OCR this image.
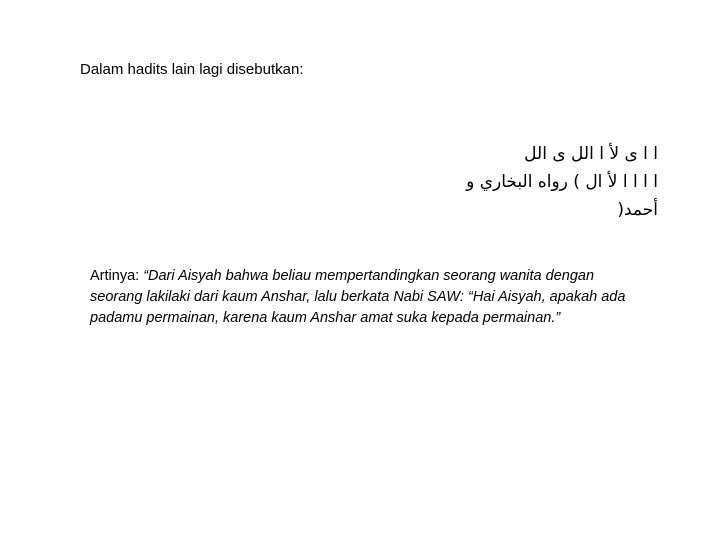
Dalam hadits lain lagi disebutkan:
ا ا ى لأ ا الل ى الل
ا ا ا ا لأ ال ) رواه البخاري و
أحمد(
Artinya: “Dari Aisyah bahwa beliau mempertandingkan seorang wanita dengan seorang lakilaki dari kaum Anshar, lalu berkata Nabi SAW: “Hai Aisyah, apakah ada padamu permainan, karena kaum Anshar amat suka kepada permainan.”
